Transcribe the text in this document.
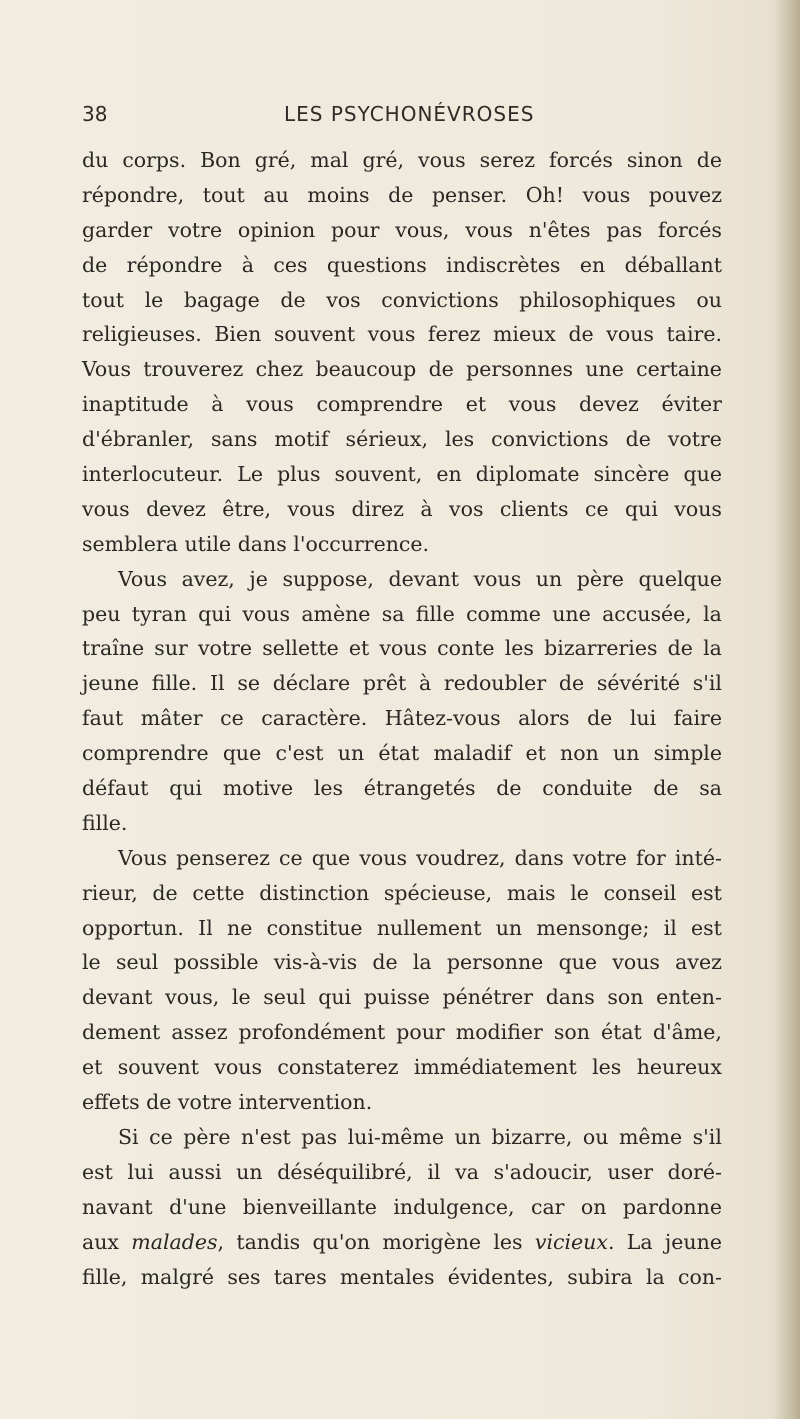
38	LES PSYCHONÉVROSES
du corps. Bon gré, mal gré, vous serez forcés sinon de
répondre, tout au moins de penser. Oh! vous pouvez
garder votre opinion pour vous, vous n'êtes pas forcés
de répondre à ces questions indiscrètes en déballant
tout le bagage de vos convictions philosophiques ou
religieuses. Bien souvent vous ferez mieux de vous taire.
Vous trouverez chez beaucoup de personnes une certaine
inaptitude à vous comprendre et vous devez éviter
d'ébranler, sans motif sérieux, les convictions de votre
interlocuteur. Le plus souvent, en diplomate sincère que
vous devez être, vous direz à vos clients ce qui vous
semblera utile dans l'occurrence.
Vous avez, je suppose, devant vous un père quelque
peu tyran qui vous amène sa fille comme une accusée, la
traîne sur votre sellette et vous conte les bizarreries de la
jeune fille. Il se déclare prêt à redoubler de sévérité s'il
faut mâter ce caractère. Hâtez-vous alors de lui faire
comprendre que c'est un état maladif et non un simple
défaut qui motive les étrangetés de conduite de sa
fille.
Vous penserez ce que vous voudrez, dans votre for inté-
rieur, de cette distinction spécieuse, mais le conseil est
opportun. Il ne constitue nullement un mensonge; il est
le seul possible vis-à-vis de la personne que vous avez
devant vous, le seul qui puisse pénétrer dans son enten-
dement assez profondément pour modifier son état d'âme,
et souvent vous constaterez immédiatement les heureux
effets de votre intervention.
Si ce père n'est pas lui-même un bizarre, ou même s'il
est lui aussi un déséquilibré, il va s'adoucir, user doré-
navant d'une bienveillante indulgence, car on pardonne
aux malades, tandis qu'on morigène les vicieux. La jeune
fille, malgré ses tares mentales évidentes, subira la con-
